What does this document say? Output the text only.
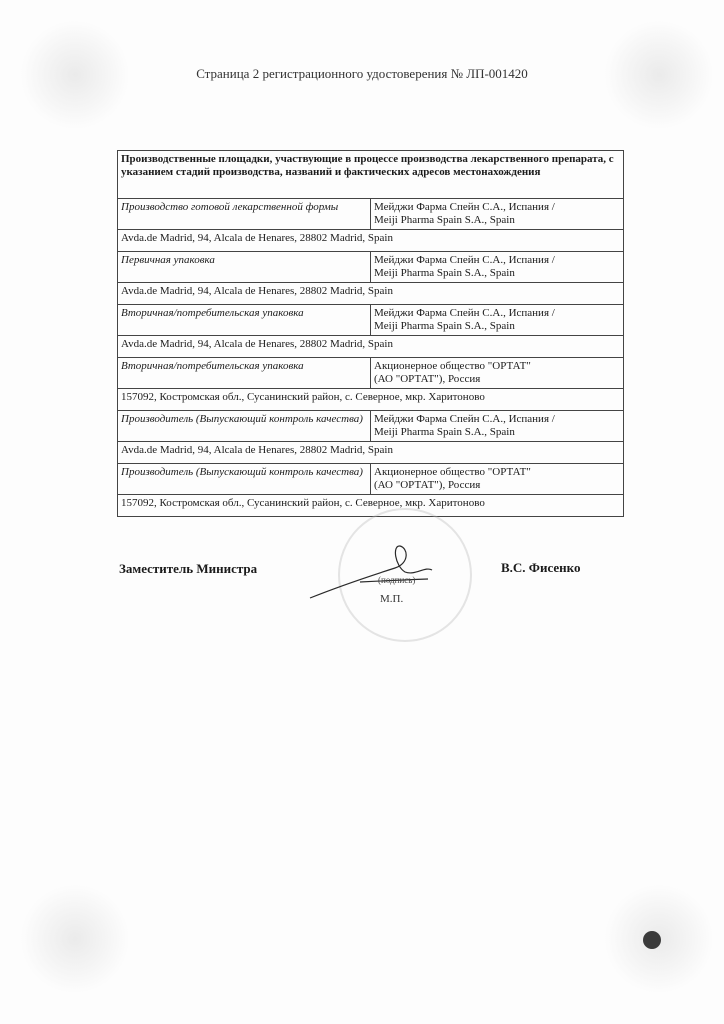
Страница 2 регистрационного удостоверения № ЛП-001420
Производственные площадки, участвующие в процессе производства лекарственного препарата, с указанием стадий производства, названий и фактических адресов местонахождения	
Производство готовой лекарственной формы	Мейджи Фарма Спейн С.А., Испания /
Meiji Pharma Spain S.A., Spain

Avda.de Madrid, 94, Alcala de Henares, 28802 Madrid, Spain	
Первичная упаковка	Мейджи Фарма Спейн С.А., Испания /
Meiji Pharma Spain S.A., Spain

Avda.de Madrid, 94, Alcala de Henares, 28802 Madrid, Spain	
Вторичная/потребительская упаковка	Мейджи Фарма Спейн С.А., Испания /
Meiji Pharma Spain S.A., Spain

Avda.de Madrid, 94, Alcala de Henares, 28802 Madrid, Spain	
Вторичная/потребительская упаковка	Акционерное общество "ОРТАТ"
(АО "ОРТАТ"), Россия

157092, Костромская обл., Сусанинский район, с. Северное, мкр. Харитоново	
Производитель (Выпускающий контроль качества)	Мейджи Фарма Спейн С.А., Испания /
Meiji Pharma Spain S.A., Spain

Avda.de Madrid, 94, Alcala de Henares, 28802 Madrid, Spain	
Производитель (Выпускающий контроль качества)	Акционерное общество "ОРТАТ"
(АО "ОРТАТ"), Россия

157092, Костромская обл., Сусанинский район, с. Северное, мкр. Харитоново	
Заместитель Министра
(подпись)
М.П.
В.С. Фисенко
